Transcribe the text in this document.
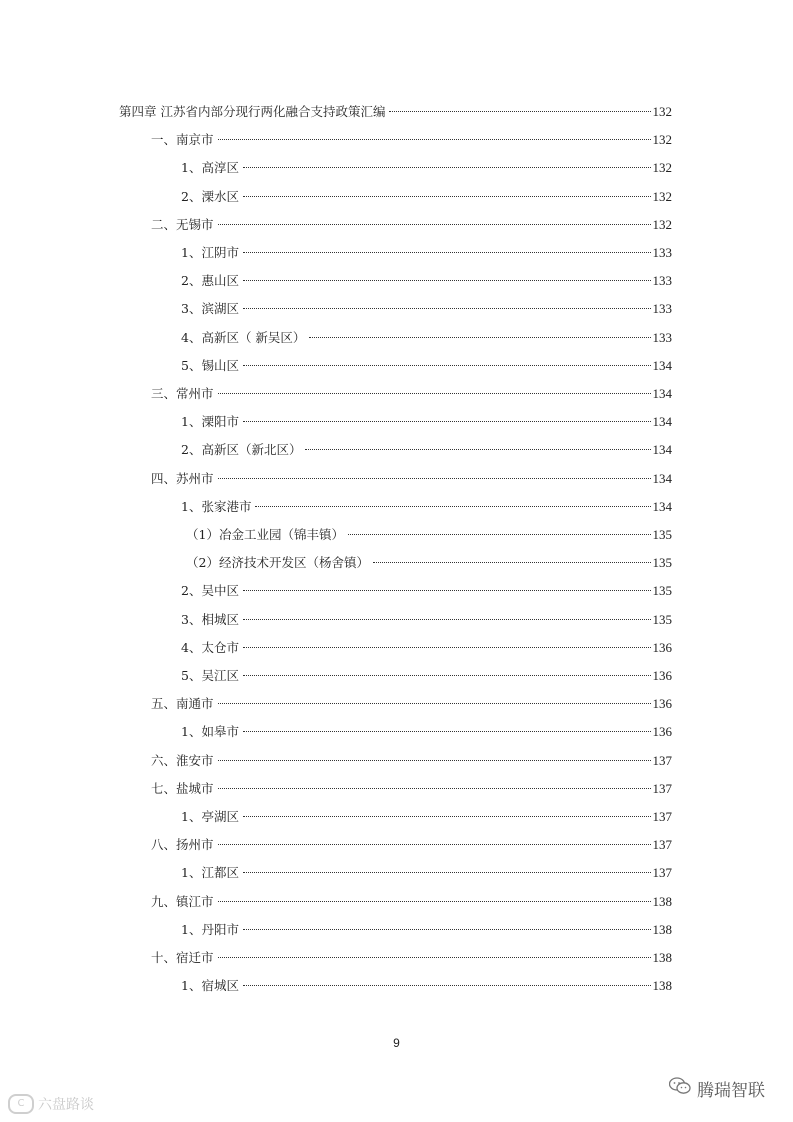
第四章 江苏省内部分现行两化融合支持政策汇编	132
一、南京市	132
1、高淳区	132
2、溧水区	132
二、无锡市	132
1、江阴市	133
2、惠山区	133
3、滨湖区	133
4、高新区（ 新吴区）	133
5、锡山区	134
三、常州市	134
1、溧阳市	134
2、高新区（新北区）	134
四、苏州市	134
1、张家港市	134
（1）冶金工业园（锦丰镇）	135
（2）经济技术开发区（杨舍镇）	135
2、吴中区	135
3、相城区	135
4、太仓市	136
5、吴江区	136
五、南通市	136
1、如皋市	136
六、淮安市	137
七、盐城市	137
1、亭湖区	137
八、扬州市	137
1、江都区	137
九、镇江市	138
1、丹阳市	138
十、宿迁市	138
1、宿城区	138
9
腾瑞智联
C 六盘路谈
